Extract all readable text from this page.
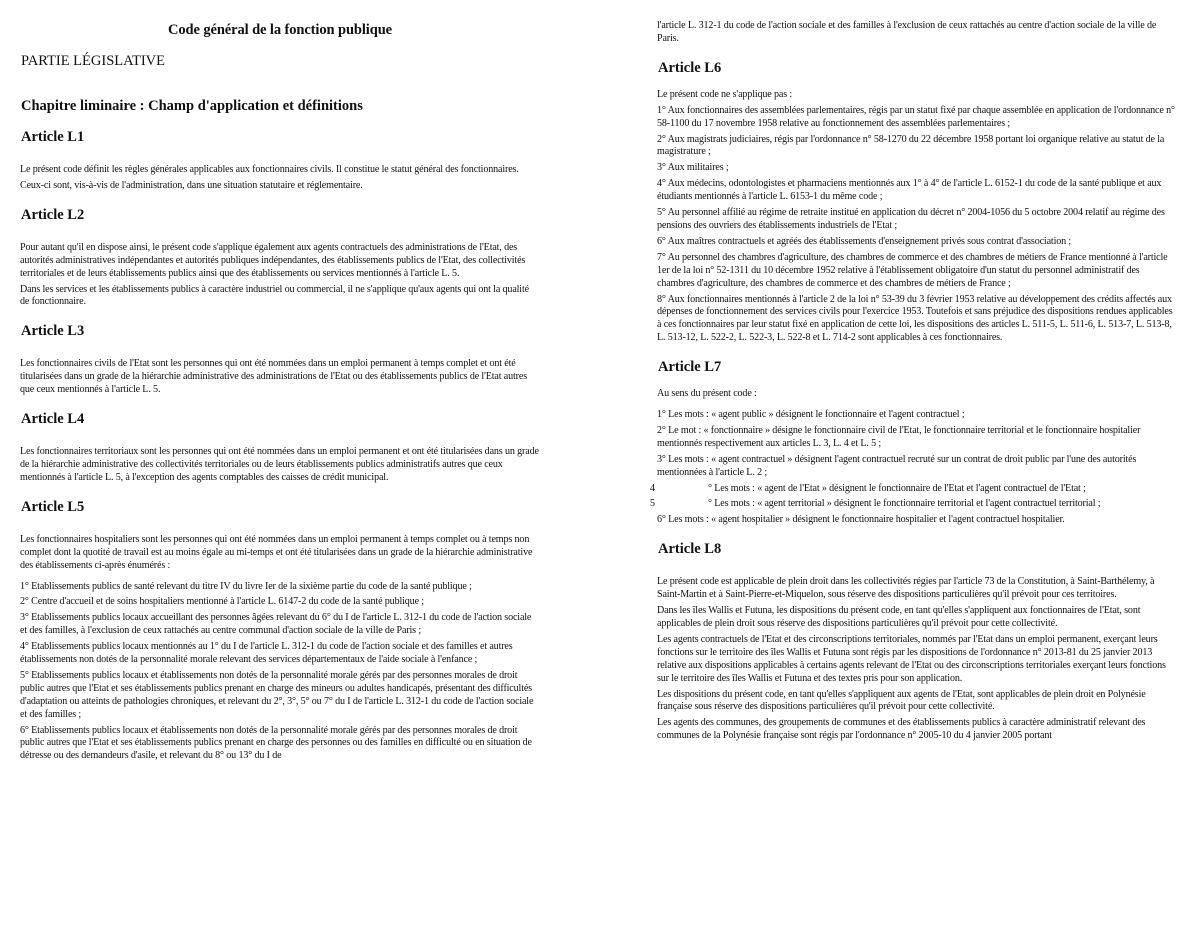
Code général de la fonction publique
PARTIE LÉGISLATIVE
Chapitre liminaire : Champ d'application et définitions
Article L1
Le présent code définit les règles générales applicables aux fonctionnaires civils. Il constitue le statut général des fonctionnaires.
Ceux-ci sont, vis-à-vis de l'administration, dans une situation statutaire et réglementaire.
Article L2
Pour autant qu'il en dispose ainsi, le présent code s'applique également aux agents contractuels des administrations de l'Etat, des autorités administratives indépendantes et autorités publiques indépendantes, des établissements publics de l'Etat, des collectivités territoriales et de leurs établissements publics ainsi que des établissements ou services mentionnés à l'article L. 5.
Dans les services et les établissements publics à caractère industriel ou commercial, il ne s'applique qu'aux agents qui ont la qualité de fonctionnaire.
Article L3
Les fonctionnaires civils de l'Etat sont les personnes qui ont été nommées dans un emploi permanent à temps complet et ont été titularisées dans un grade de la hiérarchie administrative des administrations de l'Etat ou des établissements publics de l'Etat autres que ceux mentionnés à l'article L. 5.
Article L4
Les fonctionnaires territoriaux sont les personnes qui ont été nommées dans un emploi permanent et ont été titularisées dans un grade de la hiérarchie administrative des collectivités territoriales ou de leurs établissements publics administratifs autres que ceux mentionnés à l'article L. 5, à l'exception des agents comptables des caisses de crédit municipal.
Article L5
Les fonctionnaires hospitaliers sont les personnes qui ont été nommées dans un emploi permanent à temps complet ou à temps non complet dont la quotité de travail est au moins égale au mi-temps et ont été titularisées dans un grade de la hiérarchie administrative des établissements ci-après énumérés :
1° Etablissements publics de santé relevant du titre IV du livre Ier de la sixième partie du code de la santé publique ;
2° Centre d'accueil et de soins hospitaliers mentionné à l'article L. 6147-2 du code de la santé publique ;
3° Etablissements publics locaux accueillant des personnes âgées relevant du 6° du I de l'article L. 312-1 du code de l'action sociale et des familles, à l'exclusion de ceux rattachés au centre communal d'action sociale de la ville de Paris ;
4° Etablissements publics locaux mentionnés au 1° du I de l'article L. 312-1 du code de l'action sociale et des familles et autres établissements non dotés de la personnalité morale relevant des services départementaux de l'aide sociale à l'enfance ;
5° Etablissements publics locaux et établissements non dotés de la personnalité morale gérés par des personnes morales de droit public autres que l'Etat et ses établissements publics prenant en charge des mineurs ou adultes handicapés, présentant des difficultés d'adaptation ou atteints de pathologies chroniques, et relevant du 2°, 3°, 5° ou 7° du I de l'article L. 312-1 du code de l'action sociale et des familles ;
6° Etablissements publics locaux et établissements non dotés de la personnalité morale gérés par des personnes morales de droit public autres que l'Etat et ses établissements publics prenant en charge des personnes ou des familles en difficulté ou en situation de détresse ou des demandeurs d'asile, et relevant du 8° ou 13° du I de
l'article L. 312-1 du code de l'action sociale et des familles à l'exclusion de ceux rattachés au centre d'action sociale de la ville de Paris.
Article L6
Le présent code ne s'applique pas :
1° Aux fonctionnaires des assemblées parlementaires, régis par un statut fixé par chaque assemblée en application de l'ordonnance n° 58-1100 du 17 novembre 1958 relative au fonctionnement des assemblées parlementaires ;
2° Aux magistrats judiciaires, régis par l'ordonnance n° 58-1270 du 22 décembre 1958 portant loi organique relative au statut de la magistrature ;
3° Aux militaires ;
4° Aux médecins, odontologistes et pharmaciens mentionnés aux 1° à 4° de l'article L. 6152-1 du code de la santé publique et aux étudiants mentionnés à l'article L. 6153-1 du même code ;
5° Au personnel affilié au régime de retraite institué en application du décret n° 2004-1056 du 5 octobre 2004 relatif au régime des pensions des ouvriers des établissements industriels de l'Etat ;
6° Aux maîtres contractuels et agréés des établissements d'enseignement privés sous contrat d'association ;
7° Au personnel des chambres d'agriculture, des chambres de commerce et des chambres de métiers de France mentionné à l'article 1er de la loi n° 52-1311 du 10 décembre 1952 relative à l'établissement obligatoire d'un statut du personnel administratif des chambres d'agriculture, des chambres de commerce et des chambres de métiers de France ;
8° Aux fonctionnaires mentionnés à l'article 2 de la loi n° 53-39 du 3 février 1953 relative au développement des crédits affectés aux dépenses de fonctionnement des services civils pour l'exercice 1953. Toutefois et sans préjudice des dispositions rendues applicables à ces fonctionnaires par leur statut fixé en application de cette loi, les dispositions des articles L. 511-5, L. 511-6, L. 513-7, L. 513-8, L. 513-12, L. 522-2, L. 522-3, L. 522-8 et L. 714-2 sont applicables à ces fonctionnaires.
Article L7
Au sens du présent code :
1° Les mots : « agent public » désignent le fonctionnaire et l'agent contractuel ;
2° Le mot : « fonctionnaire » désigne le fonctionnaire civil de l'Etat, le fonctionnaire territorial et le fonctionnaire hospitalier mentionnés respectivement aux articles L. 3, L. 4 et L. 5 ;
3° Les mots : « agent contractuel » désignent l'agent contractuel recruté sur un contrat de droit public par l'une des autorités mentionnées à l'article L. 2 ;
4	° Les mots : « agent de l'Etat » désignent le fonctionnaire de l'Etat et l'agent contractuel de l'Etat ;
5	° Les mots : « agent territorial » désignent le fonctionnaire territorial et l'agent contractuel territorial ;
6° Les mots : « agent hospitalier » désignent le fonctionnaire hospitalier et l'agent contractuel hospitalier.
Article L8
Le présent code est applicable de plein droit dans les collectivités régies par l'article 73 de la Constitution, à Saint-Barthélemy, à Saint-Martin et à Saint-Pierre-et-Miquelon, sous réserve des dispositions particulières qu'il prévoit pour ces territoires.
Dans les îles Wallis et Futuna, les dispositions du présent code, en tant qu'elles s'appliquent aux fonctionnaires de l'Etat, sont applicables de plein droit sous réserve des dispositions particulières qu'il prévoit pour cette collectivité.
Les agents contractuels de l'Etat et des circonscriptions territoriales, nommés par l'Etat dans un emploi permanent, exerçant leurs fonctions sur le territoire des îles Wallis et Futuna sont régis par les dispositions de l'ordonnance n° 2013-81 du 25 janvier 2013 relative aux dispositions applicables à certains agents relevant de l'Etat ou des circonscriptions territoriales exerçant leurs fonctions sur le territoire des îles Wallis et Futuna et des textes pris pour son application.
Les dispositions du présent code, en tant qu'elles s'appliquent aux agents de l'Etat, sont applicables de plein droit en Polynésie française sous réserve des dispositions particulières qu'il prévoit pour cette collectivité.
Les agents des communes, des groupements de communes et des établissements publics à caractère administratif relevant des communes de la Polynésie française sont régis par l'ordonnance n° 2005-10 du 4 janvier 2005 portant
